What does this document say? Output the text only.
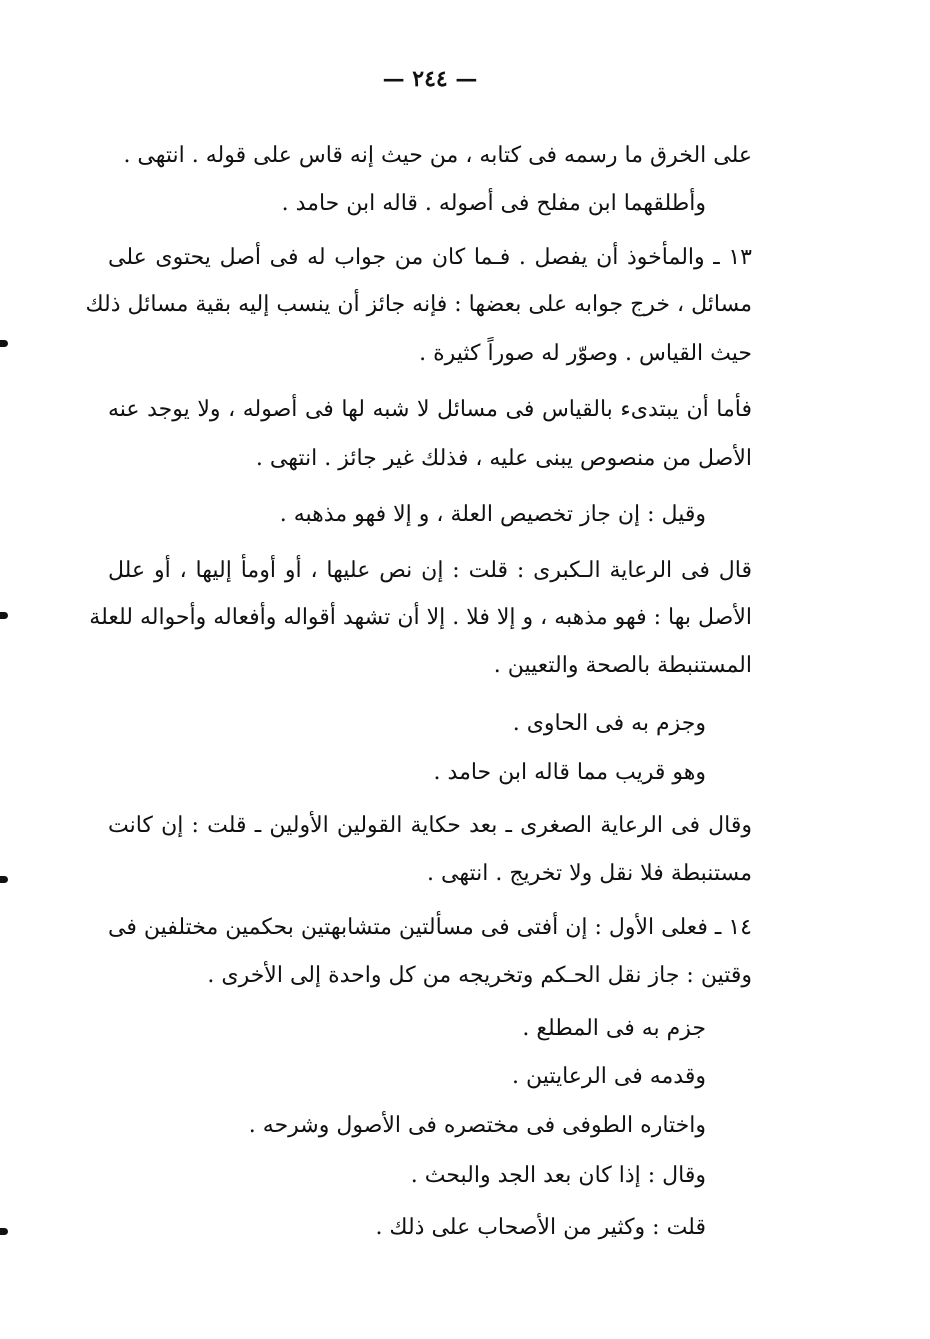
— ٢٤٤ —
على الخرق ما رسمه فى كتابه ، من حيث إنه قاس على قوله . انتهى .
وأطلقهما ابن مفلح فى أصوله . قاله ابن حامد .
١٣ ـ والمأخوذ أن يفصل . فـما كان من جواب له فى أصل يحتوى على
مسائل ، خرج جوابه على بعضها : فإنه جائز أن ينسب إليه بقية مسائل ذلك
حيث القياس . وصوّر له صوراً كثيرة .
فأما أن يبتدىء بالقياس فى مسائل لا شبه لها فى أصوله ، ولا يوجد عنه
الأصل من منصوص يبنى عليه ، فذلك غير جائز . انتهى .
وقيل : إن جاز تخصيص العلة ، و إلا فهو مذهبه .
قال فى الرعاية الـكبرى : قلت : إن نص عليها ، أو أومأ إليها ، أو علل
الأصل بها : فهو مذهبه ، و إلا فلا . إلا أن تشهد أقواله وأفعاله وأحواله للعلة
المستنبطة بالصحة والتعيين .
وجزم به فى الحاوى .
وهو قريب مما قاله ابن حامد .
وقال فى الرعاية الصغرى ـ بعد حكاية القولين الأولين ـ قلت : إن كانت
مستنبطة فلا نقل ولا تخريج . انتهى .
١٤ ـ فعلى الأول : إن أفتى فى مسألتين متشابهتين بحكمين مختلفين فى
وقتين : جاز نقل الحـكم وتخريجه من كل واحدة إلى الأخرى .
جزم به فى المطلع .
وقدمه فى الرعايتين .
واختاره الطوفى فى مختصره فى الأصول وشرحه .
وقال : إذا كان بعد الجد والبحث .
قلت : وكثير من الأصحاب على ذلك .
